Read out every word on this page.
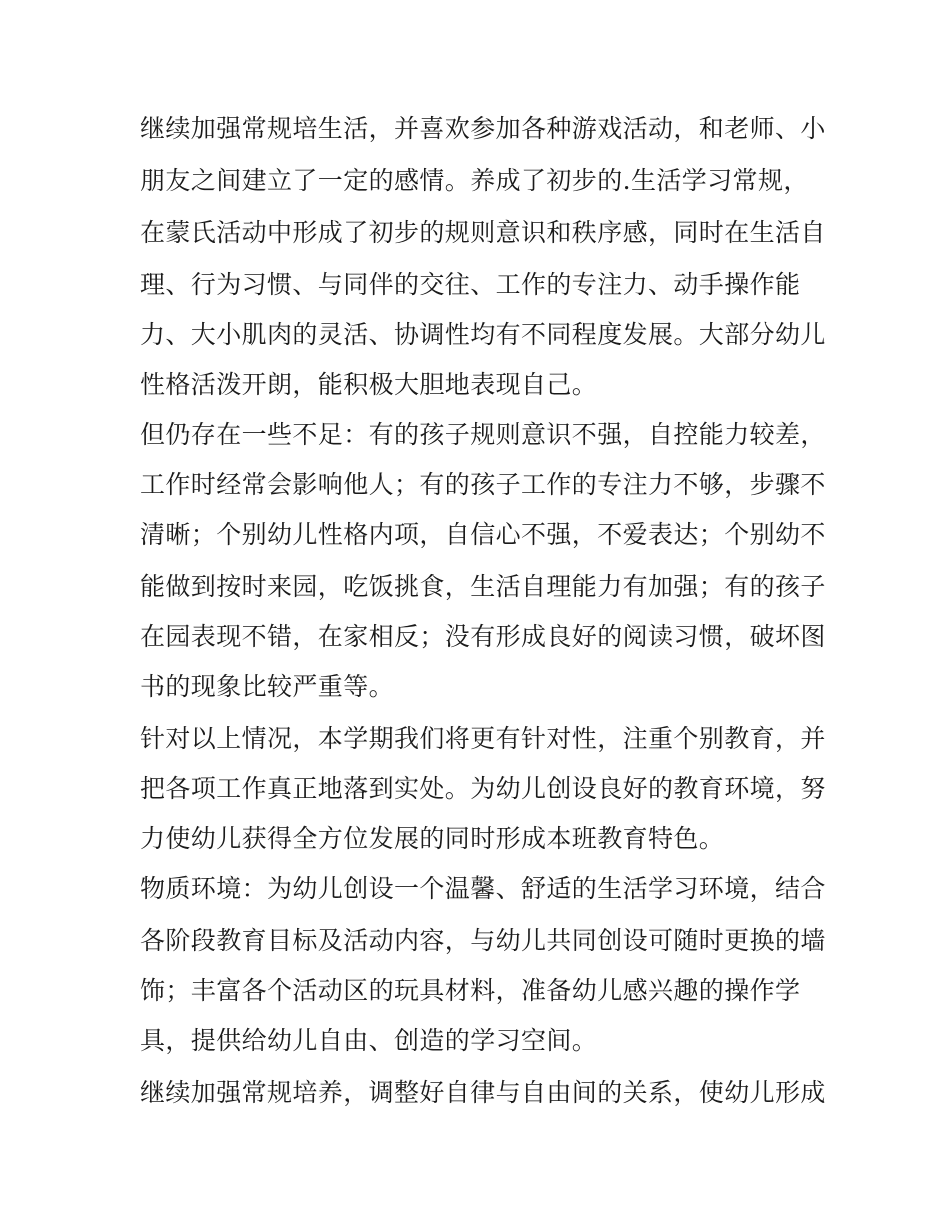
继续加强常规培生活，并喜欢参加各种游戏活动，和老师、小
朋友之间建立了一定的感情。养成了初步的.生活学习常规，
在蒙氏活动中形成了初步的规则意识和秩序感，同时在生活自
理、行为习惯、与同伴的交往、工作的专注力、动手操作能
力、大小肌肉的灵活、协调性均有不同程度发展。大部分幼儿
性格活泼开朗，能积极大胆地表现自己。
但仍存在一些不足：有的孩子规则意识不强，自控能力较差，
工作时经常会影响他人；有的孩子工作的专注力不够，步骤不
清晰；个别幼儿性格内项，自信心不强，不爱表达；个别幼不
能做到按时来园，吃饭挑食，生活自理能力有加强；有的孩子
在园表现不错，在家相反；没有形成良好的阅读习惯，破坏图
书的现象比较严重等。
针对以上情况，本学期我们将更有针对性，注重个别教育，并
把各项工作真正地落到实处。为幼儿创设良好的教育环境，努
力使幼儿获得全方位发展的同时形成本班教育特色。
物质环境：为幼儿创设一个温馨、舒适的生活学习环境，结合
各阶段教育目标及活动内容，与幼儿共同创设可随时更换的墙
饰；丰富各个活动区的玩具材料，准备幼儿感兴趣的操作学
具，提供给幼儿自由、创造的学习空间。
继续加强常规培养，调整好自律与自由间的关系，使幼儿形成
